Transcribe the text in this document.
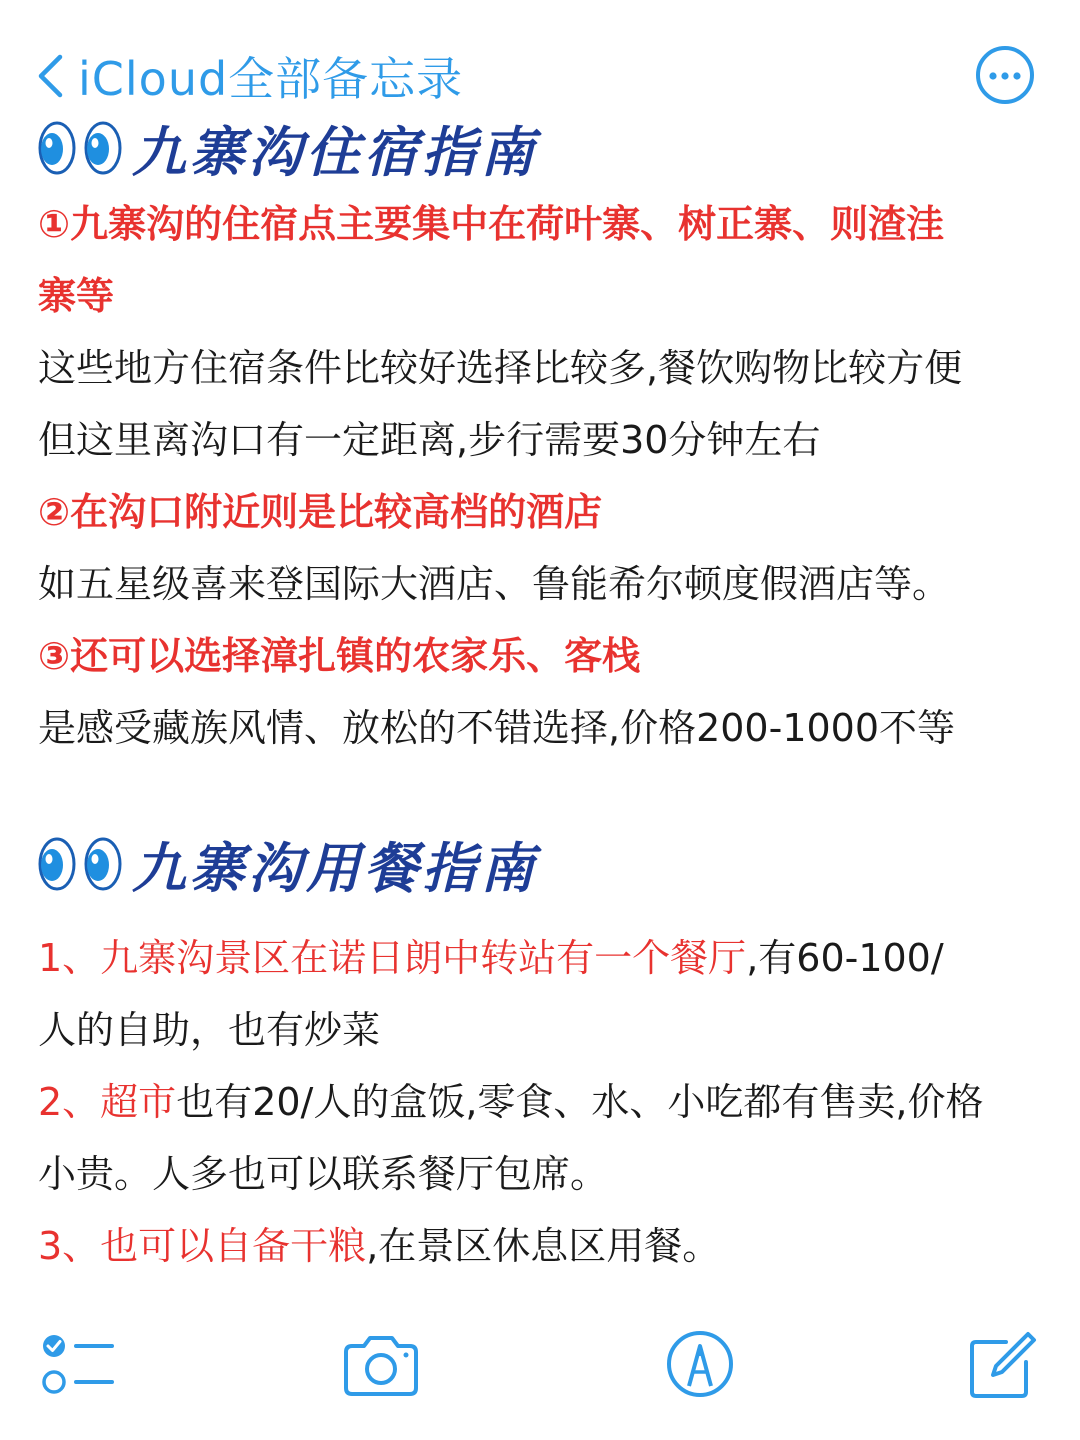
iCloud全部备忘录
九寨沟住宿指南
①九寨沟的住宿点主要集中在荷叶寨、树正寨、则渣洼
寨等
这些地方住宿条件比较好选择比较多,餐饮购物比较方便
但这里离沟口有一定距离,步行需要30分钟左右
②在沟口附近则是比较高档的酒店
如五星级喜来登国际大酒店、鲁能希尔顿度假酒店等。
③还可以选择漳扎镇的农家乐、客栈
是感受藏族风情、放松的不错选择,价格200-1000不等
九寨沟用餐指南
1、九寨沟景区在诺日朗中转站有一个餐厅,有60-100/
人的自助，也有炒菜
2、超市也有20/人的盒饭,零食、水、小吃都有售卖,价格
小贵。人多也可以联系餐厅包席。
3、也可以自备干粮,在景区休息区用餐。
